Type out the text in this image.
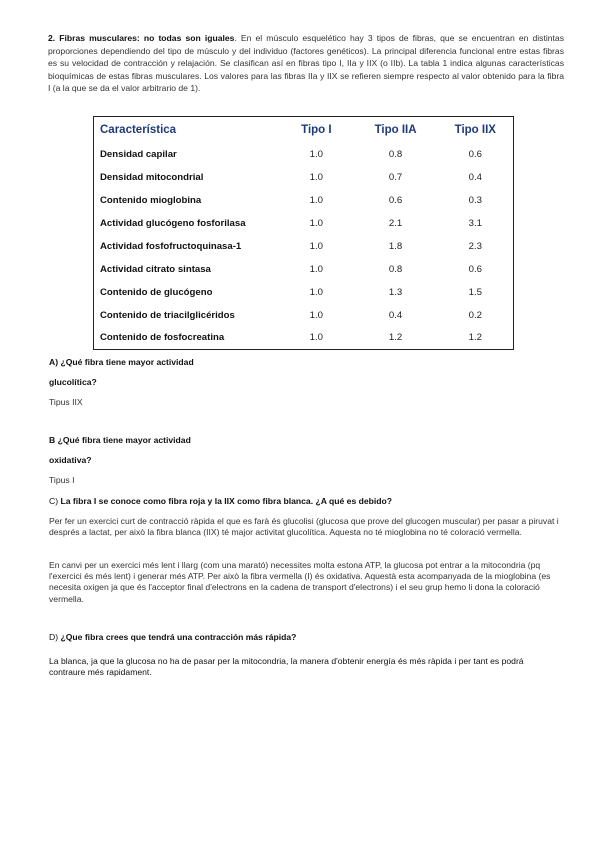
2. Fibras musculares: no todas son iguales. En el músculo esquelético hay 3 tipos de fibras, que se encuentran en distintas proporciones dependiendo del tipo de músculo y del individuo (factores genéticos). La principal diferencia funcional entre estas fibras es su velocidad de contracción y relajación. Se clasifican así en fibras tipo I, IIa y IIX (o IIb). La tabla 1 indica algunas características bioquímicas de estas fibras musculares. Los valores para las fibras IIa y IIX se refieren siempre respecto al valor obtenido para la fibra I (a la que se da el valor arbitrario de 1).
Característica	Tipo I	Tipo IIA	Tipo IIX
Densidad capilar	1.0	0.8	0.6
Densidad mitocondrial	1.0	0.7	0.4
Contenido mioglobina	1.0	0.6	0.3
Actividad glucógeno fosforilasa	1.0	2.1	3.1
Actividad fosfofructoquinasa-1	1.0	1.8	2.3
Actividad citrato sintasa	1.0	0.8	0.6
Contenido de glucógeno	1.0	1.3	1.5
Contenido de triacilglicéridos	1.0	0.4	0.2
Contenido de fosfocreatina	1.0	1.2	1.2
A) ¿Qué fibra tiene mayor actividad
glucolítica?
Tipus IIX
B ¿Qué fibra tiene mayor actividad
oxidativa?
Tipus I
C) La fibra I se conoce como fibra roja y la IIX como fibra blanca. ¿A qué es debido?
Per fer un exercici curt de contracció ràpida el que es farà és glucolisi (glucosa que prove del glucogen muscular) per pasar a piruvat i després a lactat, per això la fibra blanca (IIX) té major activitat glucolítica. Aquesta no té mioglobina no té coloració vermella.
En canvi per un exercici més lent i llarg (com una marató) necessites molta estona ATP, la glucosa pot entrar a la mitocondria (pq l'exercici és més lent) i generar més ATP. Per això la fibra vermella (I) és oxidativa. Aquestà esta acompanyada de la mioglobina (es necesita oxigen ja que és l'acceptor final d'electrons en la cadena de transport d'electrons) i el seu grup hemo li dona la coloració vermella.
D) ¿Que fibra crees que tendrá una contracción más rápida?
La blanca, ja que la glucosa no ha de pasar per la mitocondria, la manera d'obtenir energía és més ràpida i per tant es podrá contraure més rapidament.
